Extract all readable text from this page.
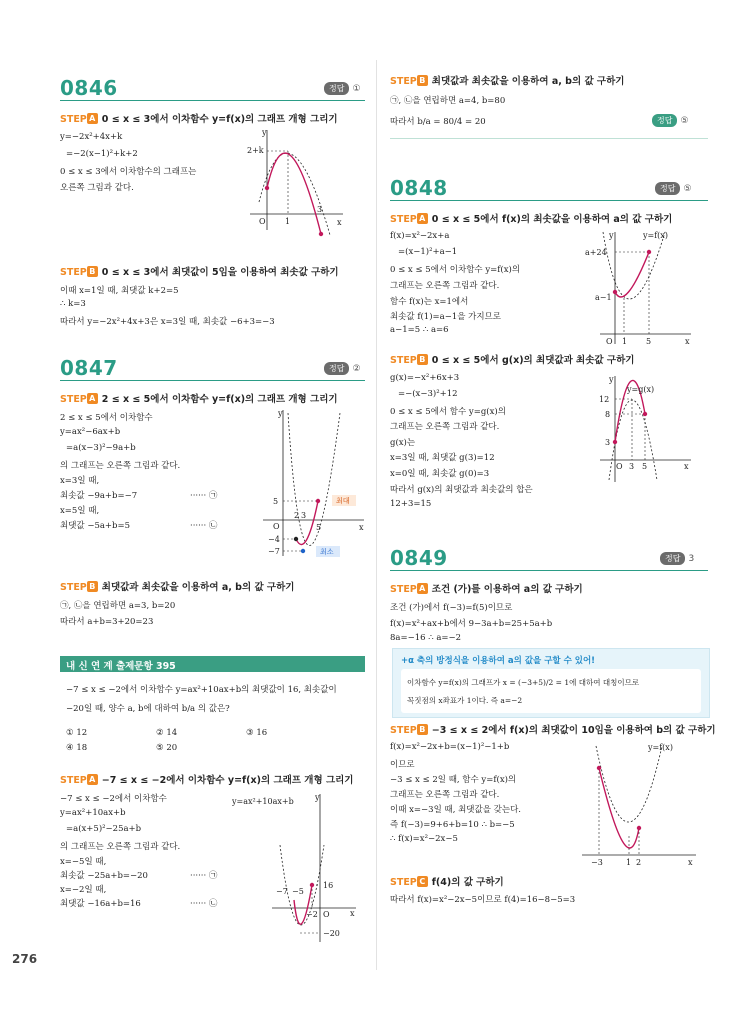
0846	정답 ①
STEP A 0 ≤ x ≤ 3에서 이차함수 y=f(x)의 그래프 개형 그리기
y=−2x²+4x+k
=−2(x−1)²+k+2
0 ≤ x ≤ 3에서 이차함수의 그래프는
오른쪽 그림과 같다.
y
x
O
2+k
1
3
STEP B 0 ≤ x ≤ 3에서 최댓값이 5임을 이용하여 최솟값 구하기
이때 x=1일 때, 최댓값 k+2=5
∴ k=3
따라서 y=−2x²+4x+3은 x=3일 때, 최솟값 −6+3=−3
0847	정답 ②
STEP A 2 ≤ x ≤ 5에서 이차함수 y=f(x)의 그래프 개형 그리기
2 ≤ x ≤ 5에서 이차함수
y=ax²−6ax+b
=a(x−3)²−9a+b
의 그래프는 오른쪽 그림과 같다.
x=3일 때,
최솟값 −9a+b=−7	······ ㉠
x=5일 때,
최댓값 −5a+b=5	······ ㉡
최대
최소
y
x
O
5
−4
−7
2 3
5
STEP B 최댓값과 최솟값을 이용하여 a, b의 값 구하기
㉠, ㉡을 연립하면 a=3, b=20
따라서 a+b=3+20=23
내 신 연 계 출제문항 395
−7 ≤ x ≤ −2에서 이차함수 y=ax²+10ax+b의 최댓값이 16, 최솟값이
−20일 때, 양수 a, b에 대하여 b/a 의 값은?
① 12	② 14	③ 16
④ 18	⑤ 20
STEP A −7 ≤ x ≤ −2에서 이차함수 y=f(x)의 그래프 개형 그리기
−7 ≤ x ≤ −2에서 이차함수
y=ax²+10ax+b
=a(x+5)²−25a+b
의 그래프는 오른쪽 그림과 같다.
x=−5일 때,
최솟값 −25a+b=−20	······ ㉠
x=−2일 때,
최댓값 −16a+b=16	······ ㉡
y=ax²+10ax+b	y
x
O
16
−20
−7 −5
−2
276
STEP B 최댓값과 최솟값을 이용하여 a, b의 값 구하기
㉠, ㉡을 연립하면 a=4, b=80
따라서 b/a = 80/4 = 20	정답 ⑤
0848	정답 ⑤
STEP A 0 ≤ x ≤ 5에서 f(x)의 최솟값을 이용하여 a의 값 구하기
f(x)=x²−2x+a
=(x−1)²+a−1
0 ≤ x ≤ 5에서 이차함수 y=f(x)의
그래프는 오른쪽 그림과 같다.
함수 f(x)는 x=1에서
최솟값 f(1)=a−1을 가지므로
a−1=5 ∴ a=6
y	y=f(x)
x
O
a+24
a−1
1 5
STEP B 0 ≤ x ≤ 5에서 g(x)의 최댓값과 최솟값 구하기
g(x)=−x²+6x+3
=−(x−3)²+12
0 ≤ x ≤ 5에서 함수 y=g(x)의
그래프는 오른쪽 그림과 같다.
g(x)는
x=3일 때, 최댓값 g(3)=12
x=0일 때, 최솟값 g(0)=3
따라서 g(x)의 최댓값과 최솟값의 합은
12+3=15
y
y=g(x)
x
O
12
8
3
3 5
0849	정답 3
STEP A 조건 (가)를 이용하여 a의 값 구하기
조건 (가)에서 f(−3)=f(5)이므로
f(x)=x²+ax+b에서 9−3a+b=25+5a+b
8a=−16 ∴ a=−2
+α 축의 방정식을 이용하여 a의 값을 구할 수 있어!
이차함수 y=f(x)의 그래프가 x = (−3+5)/2 = 1에 대하여 대칭이므로
꼭짓점의 x좌표가 1이다. 즉 a=−2
STEP B −3 ≤ x ≤ 2에서 f(x)의 최댓값이 10임을 이용하여 b의 값 구하기
f(x)=x²−2x+b=(x−1)²−1+b
이므로
−3 ≤ x ≤ 2일 때, 함수 y=f(x)의
그래프는 오른쪽 그림과 같다.
이때 x=−3일 때, 최댓값을 갖는다.
즉 f(−3)=9+6+b=10 ∴ b=−5
∴ f(x)=x²−2x−5
y=f(x)
x
−3	1 2
STEP C f(4)의 값 구하기
따라서 f(x)=x²−2x−5이므로 f(4)=16−8−5=3
